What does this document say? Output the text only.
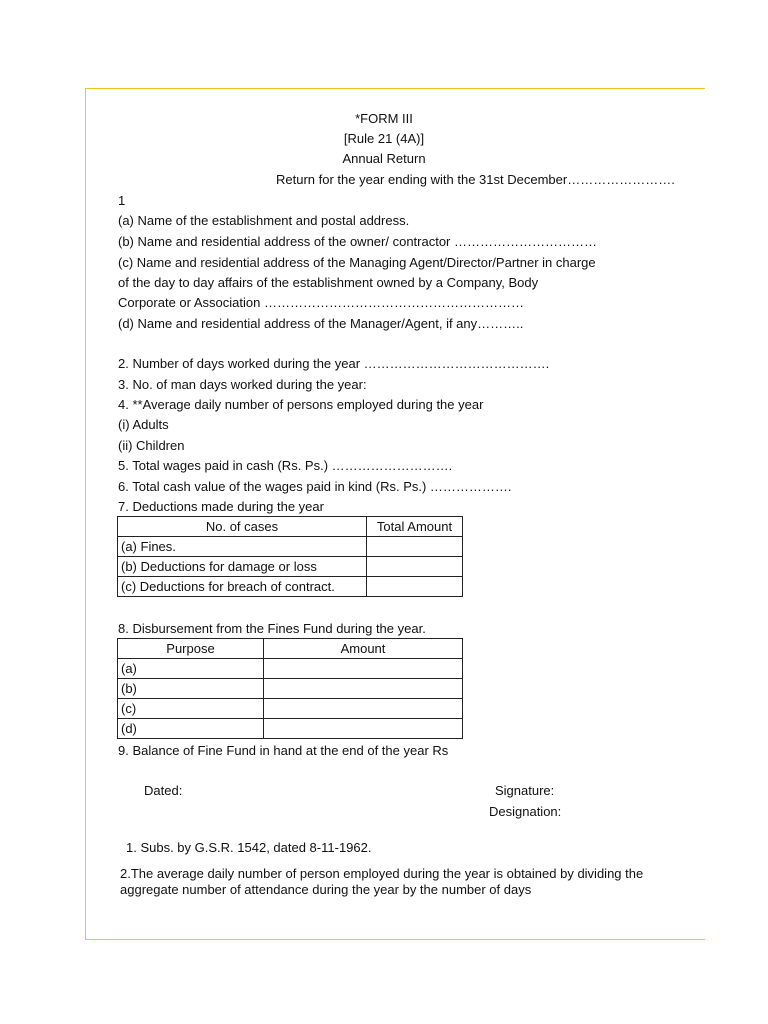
*FORM III
[Rule 21 (4A)]
Annual Return
Return for the year ending with the 31st December…………………….
1
(a) Name of the establishment and postal address.
(b) Name and residential address of the owner/ contractor ……………………………
(c) Name and residential address of the Managing Agent/Director/Partner in charge
of the day to day affairs of the establishment owned by a Company, Body
Corporate or Association ……………………………………………………
(d) Name and residential address of the Manager/Agent, if any………..
2. Number of days worked during the year …………………………………….
3. No. of man days worked during the year:
4. **Average daily number of persons employed during the year
(i) Adults
(ii) Children
5. Total wages paid in cash (Rs. Ps.) ……………………….
6. Total cash value of the wages paid in kind (Rs. Ps.) ……………….
7. Deductions made during the year
No. of cases	Total Amount
(a) Fines.	
(b) Deductions for damage or loss	
(c) Deductions for breach of contract.	
8. Disbursement from the Fines Fund during the year.
Purpose	Amount
(a)	
(b)	
(c)	
(d)	
9. Balance of Fine Fund in hand at the end of the year Rs
Dated:	Signature:
Designation:
1. Subs. by G.S.R. 1542, dated 8-11-1962.
2.The average daily number of person employed during the year is obtained by dividing the
aggregate number of attendance during the year by the number of days
